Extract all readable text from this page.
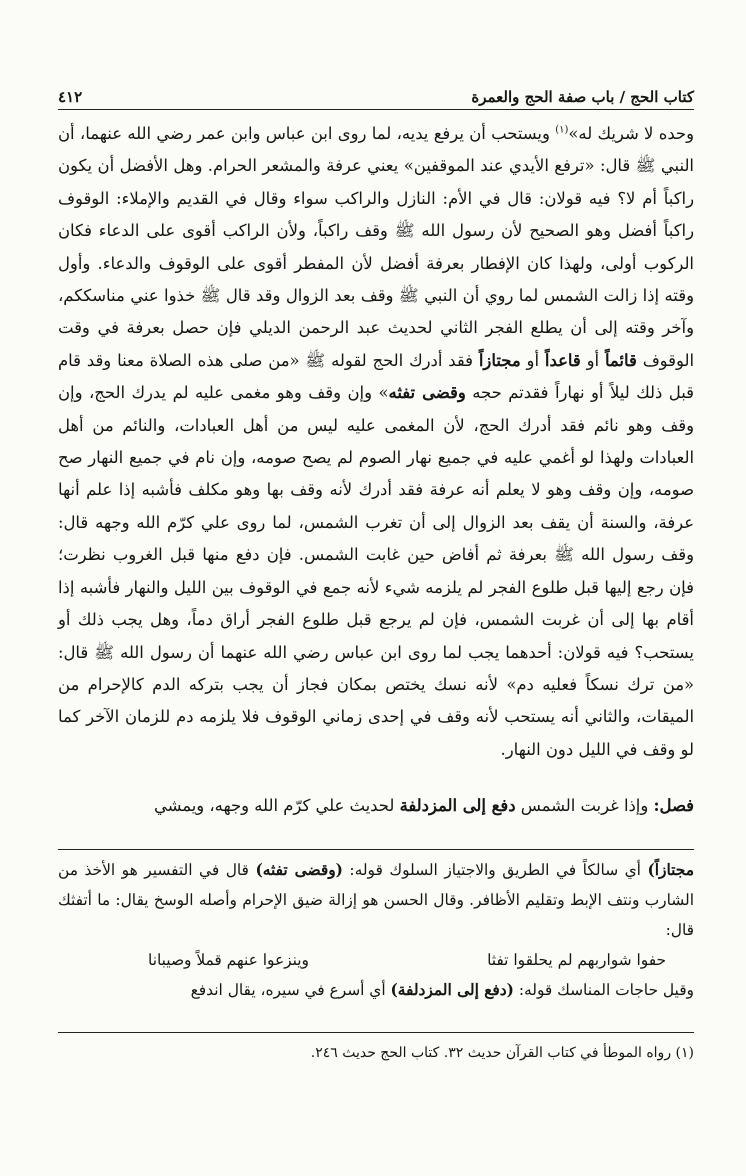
كتاب الحج / باب صفة الحج والعمرة
٤١٢

وحده لا شريك له»$^{(١)}$ ويستحب أن يرفع يديه، لما روى ابن عباس وابن عمر رضي الله عنهما، أن النبي ﷺ قال: «ترفع الأيدي عند الموقفين» يعني عرفة والمشعر الحرام. وهل الأفضل أن يكون راكباً أم لا؟ فيه قولان: قال في الأم: النازل والراكب سواء وقال في القديم والإملاء: الوقوف راكباً أفضل وهو الصحيح لأن رسول الله ﷺ وقف راكباً، ولأن الراكب أقوى على الدعاء فكان الركوب أولى، ولهذا كان الإفطار بعرفة أفضل لأن المفطر أقوى على الوقوف والدعاء. وأول وقته إذا زالت الشمس لما روي أن النبي ﷺ وقف بعد الزوال وقد قال ﷺ خذوا عني مناسككم، وآخر وقته إلى أن يطلع الفجر الثاني لحديث عبد الرحمن الديلي فإن حصل بعرفة في وقت الوقوف قائماً أو قاعداً أو مجتازاً فقد أدرك الحج لقوله ﷺ «من صلى هذه الصلاة معنا وقد قام قبل ذلك ليلاً أو نهاراً فقدتم حجه وقضى تفثه» وإن وقف وهو مغمى عليه لم يدرك الحج، وإن وقف وهو نائم فقد أدرك الحج، لأن المغمى عليه ليس من أهل العبادات، والنائم من أهل العبادات ولهذا لو أغمي عليه في جميع نهار الصوم لم يصح صومه، وإن نام في جميع النهار صح صومه، وإن وقف وهو لا يعلم أنه عرفة فقد أدرك لأنه وقف بها وهو مكلف فأشبه إذا علم أنها عرفة، والسنة أن يقف بعد الزوال إلى أن تغرب الشمس، لما روى علي كرّم الله وجهه قال: وقف رسول الله ﷺ بعرفة ثم أفاض حين غابت الشمس. فإن دفع منها قبل الغروب نظرت؛ فإن رجع إليها قبل طلوع الفجر لم يلزمه شيء لأنه جمع في الوقوف بين الليل والنهار فأشبه إذا أقام بها إلى أن غربت الشمس، فإن لم يرجع قبل طلوع الفجر أراق دماً، وهل يجب ذلك أو يستحب؟ فيه قولان: أحدهما يجب لما روى ابن عباس رضي الله عنهما أن رسول الله ﷺ قال: «من ترك نسكاً فعليه دم» لأنه نسك يختص بمكان فجاز أن يجب بتركه الدم كالإحرام من الميقات، والثاني أنه يستحب لأنه وقف في إحدى زماني الوقوف فلا يلزمه دم للزمان الآخر كما لو وقف في الليل دون النهار.

فصل: وإذا غربت الشمس دفع إلى المزدلفة لحديث علي كرّم الله وجهه، ويمشي

مجتازاً) أي سالكاً في الطريق والاجتياز السلوك قوله: (وقضى تفثه) قال في التفسير هو الأخذ من الشارب ونتف الإبط وتقليم الأظافر. وقال الحسن هو إزالة ضيق الإحرام وأصله الوسخ يقال: ما أتفثك قال:

حفوا شواربهم لم يحلقوا تفثا
وينزعوا عنهم قملاً وصيبانا

وقيل حاجات المناسك قوله: (دفع إلى المزدلفة) أي أسرع في سيره، يقال اندفع

(١) رواه الموطأ في كتاب القرآن حديث ٣٢. كتاب الحج حديث ٢٤٦.
